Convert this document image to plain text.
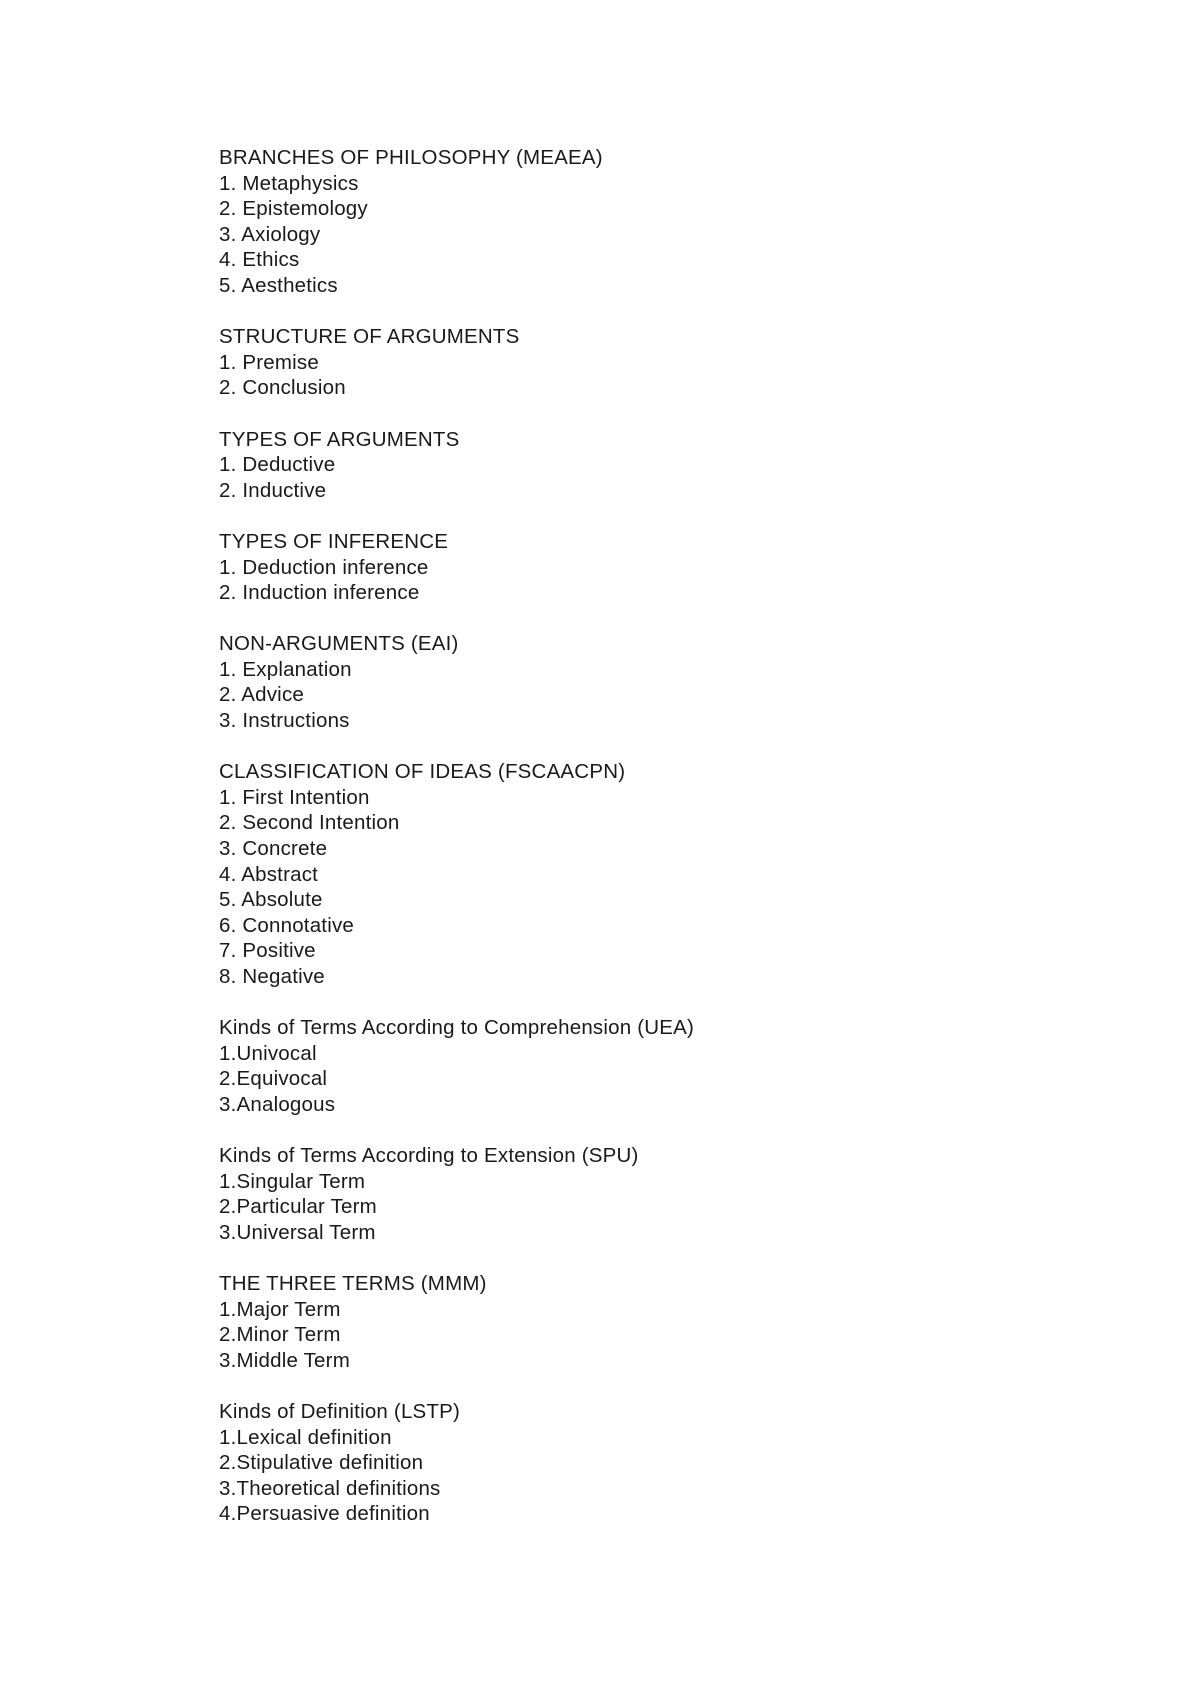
BRANCHES OF PHILOSOPHY (MEAEA)
1. Metaphysics
2. Epistemology
3. Axiology
4. Ethics
5. Aesthetics
STRUCTURE OF ARGUMENTS
1. Premise
2. Conclusion
TYPES OF ARGUMENTS
1. Deductive
2. Inductive
TYPES OF INFERENCE
1. Deduction inference
2. Induction inference
NON-ARGUMENTS (EAI)
1. Explanation
2. Advice
3. Instructions
CLASSIFICATION OF IDEAS (FSCAACPN)
1. First Intention
2. Second Intention
3. Concrete
4. Abstract
5. Absolute
6. Connotative
7. Positive
8. Negative
Kinds of Terms According to Comprehension (UEA)
1.Univocal
2.Equivocal
3.Analogous
Kinds of Terms According to Extension (SPU)
1.Singular Term
2.Particular Term
3.Universal Term
THE THREE TERMS (MMM)
1.Major Term
2.Minor Term
3.Middle Term
Kinds of Definition (LSTP)
1.Lexical definition
2.Stipulative definition
3.Theoretical definitions
4.Persuasive definition
